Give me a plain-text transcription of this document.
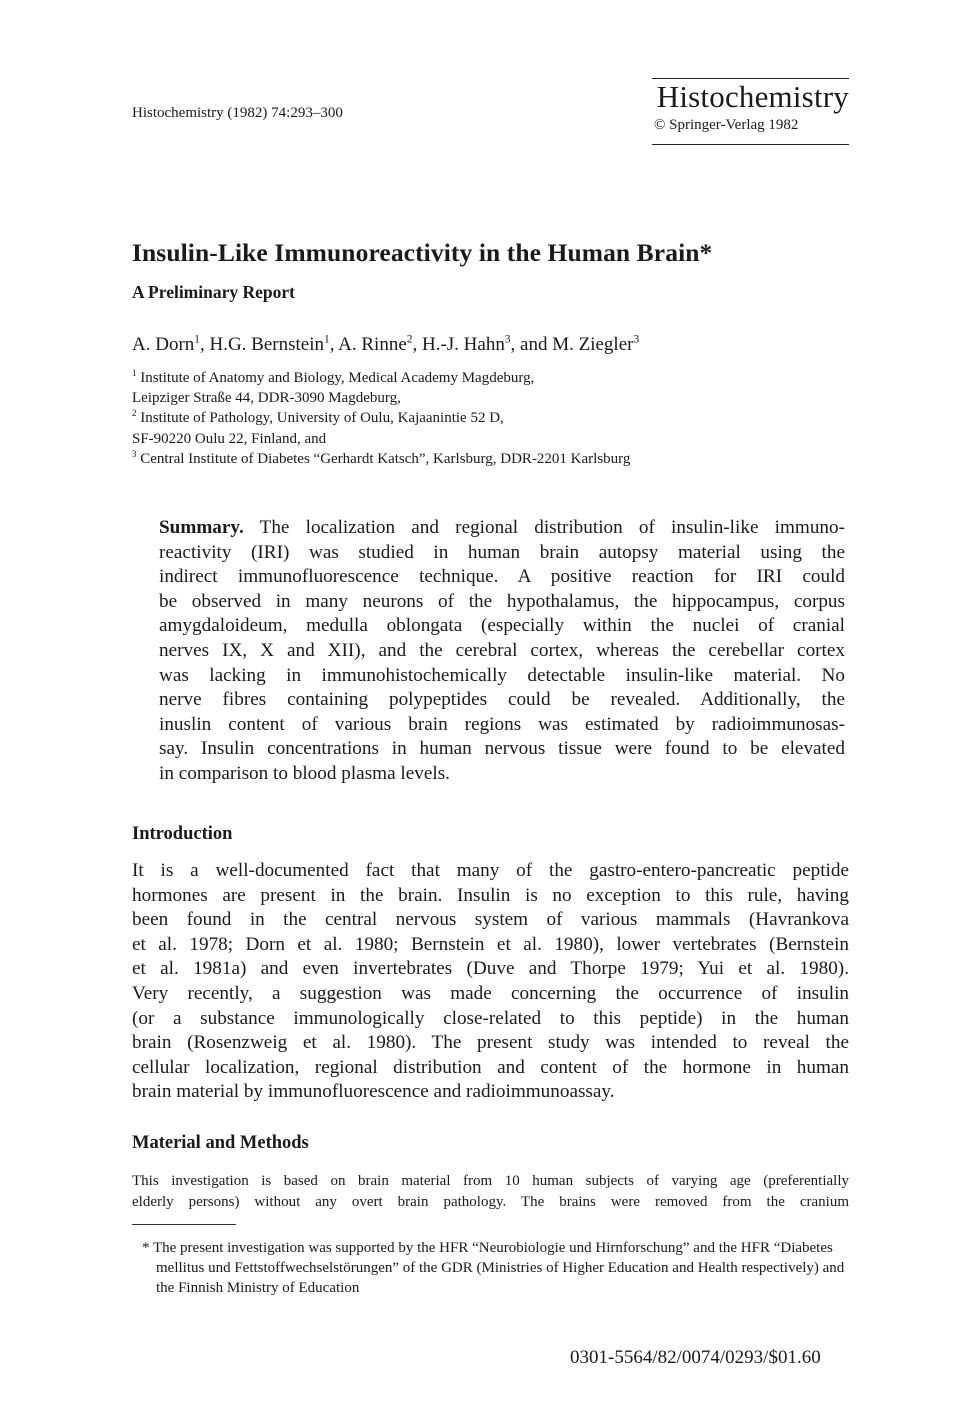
Histochemistry (1982) 74:293–300	Histochemistry
© Springer-Verlag 1982
Insulin-Like Immunoreactivity in the Human Brain*
A Preliminary Report
A. Dorn$^1$, H.G. Bernstein$^1$, A. Rinne$^2$, H.-J. Hahn$^3$, and M. Ziegler$^3$
$^1$ Institute of Anatomy and Biology, Medical Academy Magdeburg,
Leipziger Straße 44, DDR-3090 Magdeburg,
$^2$ Institute of Pathology, University of Oulu, Kajaanintie 52 D,
SF-90220 Oulu 22, Finland, and
$^3$ Central Institute of Diabetes “Gerhardt Katsch”, Karlsburg, DDR-2201 Karlsburg
Summary. The localization and regional distribution of insulin-like immuno-
reactivity (IRI) was studied in human brain autopsy material using the
indirect immunofluorescence technique. A positive reaction for IRI could
be observed in many neurons of the hypothalamus, the hippocampus, corpus
amygdaloideum, medulla oblongata (especially within the nuclei of cranial
nerves IX, X and XII), and the cerebral cortex, whereas the cerebellar cortex
was lacking in immunohistochemically detectable insulin-like material. No
nerve fibres containing polypeptides could be revealed. Additionally, the
inuslin content of various brain regions was estimated by radioimmunosas-
say. Insulin concentrations in human nervous tissue were found to be elevated
in comparison to blood plasma levels.
Introduction
It is a well-documented fact that many of the gastro-entero-pancreatic peptide
hormones are present in the brain. Insulin is no exception to this rule, having
been found in the central nervous system of various mammals (Havrankova
et al. 1978; Dorn et al. 1980; Bernstein et al. 1980), lower vertebrates (Bernstein
et al. 1981a) and even invertebrates (Duve and Thorpe 1979; Yui et al. 1980).
Very recently, a suggestion was made concerning the occurrence of insulin
(or a substance immunologically close-related to this peptide) in the human
brain (Rosenzweig et al. 1980). The present study was intended to reveal the
cellular localization, regional distribution and content of the hormone in human
brain material by immunofluorescence and radioimmunoassay.
Material and Methods
This investigation is based on brain material from 10 human subjects of varying age (preferentially
elderly persons) without any overt brain pathology. The brains were removed from the cranium
* The present investigation was supported by the HFR “Neurobiologie und Hirnforschung” and the HFR “Diabetes mellitus und Fettstoffwechselstörungen” of the GDR (Ministries of Higher Education and Health respectively) and the Finnish Ministry of Education
0301-5564/82/0074/0293/$01.60
